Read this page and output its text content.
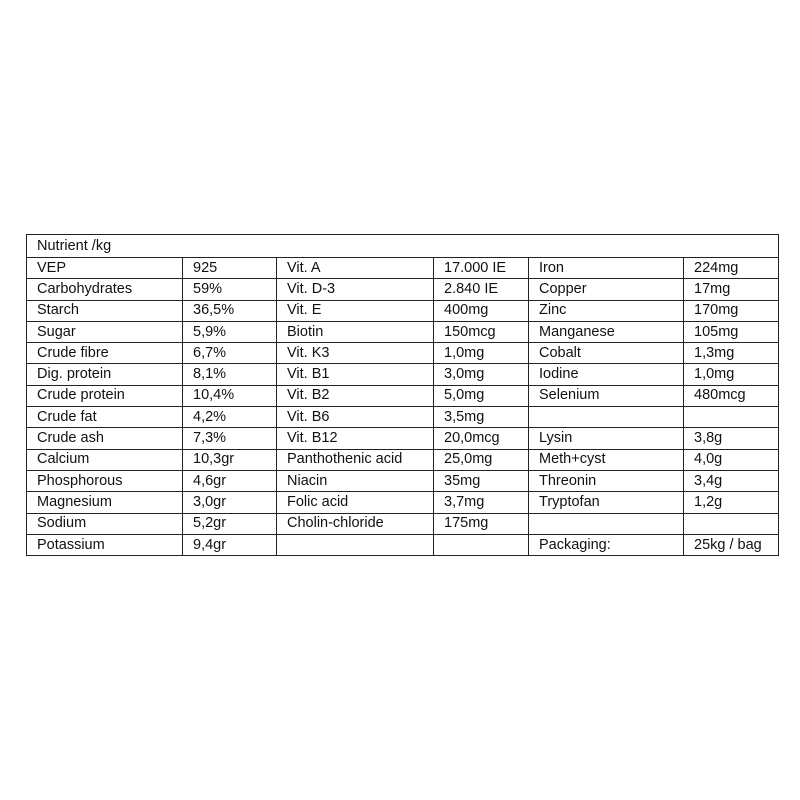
Nutrient /kg					
VEP	925	Vit. A	17.000 IE	Iron	224mg
Carbohydrates	59%	Vit. D-3	2.840 IE	Copper	17mg
Starch	36,5%	Vit. E	400mg	Zinc	170mg
Sugar	5,9%	Biotin	150mcg	Manganese	105mg
Crude fibre	6,7%	Vit. K3	1,0mg	Cobalt	1,3mg
Dig. protein	8,1%	Vit. B1	3,0mg	Iodine	1,0mg
Crude protein	10,4%	Vit. B2	5,0mg	Selenium	480mcg
Crude fat	4,2%	Vit. B6	3,5mg		
Crude ash	7,3%	Vit. B12	20,0mcg	Lysin	3,8g
Calcium	10,3gr	Panthothenic acid	25,0mg	Meth+cyst	4,0g
Phosphorous	4,6gr	Niacin	35mg	Threonin	3,4g
Magnesium	3,0gr	Folic acid	3,7mg	Tryptofan	1,2g
Sodium	5,2gr	Cholin-chloride	175mg		
Potassium	9,4gr			Packaging:	25kg / bag
